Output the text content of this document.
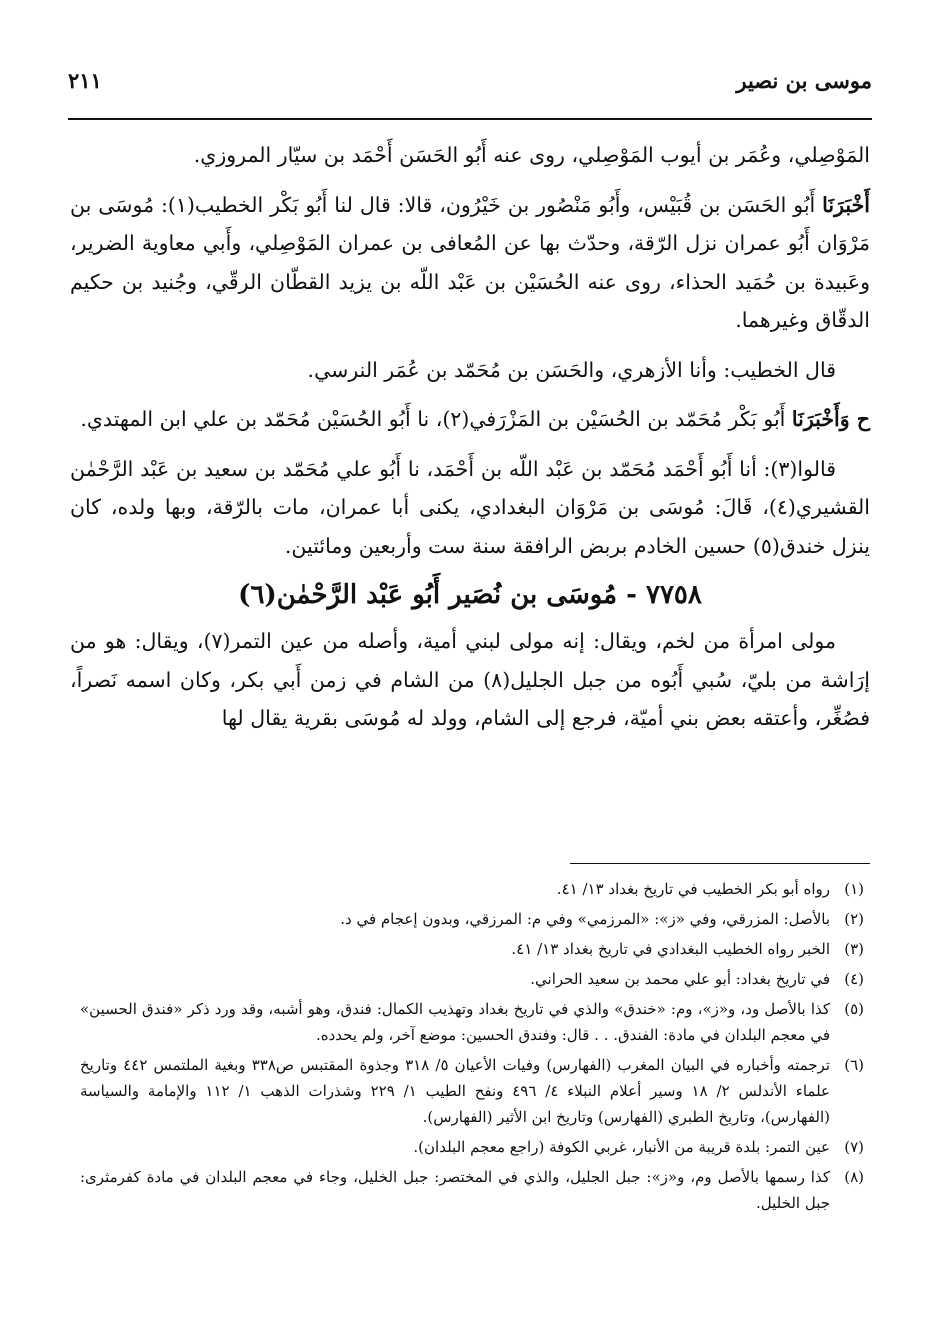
موسى بن نصير
٢١١

المَوْصِلي، وعُمَر بن أيوب المَوْصِلي، روى عنه أَبُو الحَسَن أَحْمَد بن سيّار المروزي.

أَخْبَرَنَا أَبُو الحَسَن بن قُبَيْس، وأَبُو مَنْصُور بن خَيْرُون، قالا: قال لنا أَبُو بَكْر الخطيب(١): مُوسَى بن مَرْوَان أَبُو عمران نزل الرّقة، وحدّث بها عن المُعافى بن عمران المَوْصِلي، وأَبي معاوية الضرير، وعَبيدة بن حُمَيد الحذاء، روى عنه الحُسَيْن بن عَبْد اللّه بن يزيد القطّان الرقّي، وجُنيد بن حكيم الدقّاق وغيرهما.

قال الخطيب: وأنا الأزهري، والحَسَن بن مُحَمّد بن عُمَر النرسي.

ح وَأَخْبَرَنَا أَبُو بَكْر مُحَمّد بن الحُسَيْن بن المَزْرَفي(٢)، نا أَبُو الحُسَيْن مُحَمّد بن علي ابن المهتدي.

قالوا(٣): أنا أَبُو أَحْمَد مُحَمّد بن عَبْد اللّه بن أَحْمَد، نا أَبُو علي مُحَمّد بن سعيد بن عَبْد الرَّحْمٰن القشيري(٤)، قَالَ: مُوسَى بن مَرْوَان البغدادي، يكنى أبا عمران، مات بالرّقة، وبها ولده، كان ينزل خندق(٥) حسين الخادم بربض الرافقة سنة ست وأربعين ومائتين.

٧٧٥٨ - مُوسَى بن نُصَير أَبُو عَبْد الرَّحْمٰن(٦)

مولى امرأة من لخم، ويقال: إنه مولى لبني أمية، وأصله من عين التمر(٧)، ويقال: هو من إرَاشة من بليّ، سُبي أَبُوه من جبل الجليل(٨) من الشام في زمن أَبي بكر، وكان اسمه نَصراً، فصُغِّر، وأعتقه بعض بني أميّة، فرجع إلى الشام، وولد له مُوسَى بقرية يقال لها

(١)
رواه أبو بكر الخطيب في تاريخ بغداد ١٣/ ٤١.
(٢)
بالأصل: المزرقي، وفي «ز»: «المرزمي» وفي م: المرزقي، وبدون إعجام في د.
(٣)
الخبر رواه الخطيب البغدادي في تاريخ بغداد ١٣/ ٤١.
(٤)
في تاريخ بغداد: أبو علي محمد بن سعيد الحراني.
(٥)
كذا بالأصل ود، و«ز»، وم: «خندق» والذي في تاريخ بغداد وتهذيب الكمال: فندق، وهو أشبه، وقد ورد ذكر «فندق الحسين» في معجم البلدان في مادة: الفندق. . . قال: وفندق الحسين: موضع آخر، ولم يحدده.
(٦)
ترجمته وأخباره في البيان المغرب (الفهارس) وفيات الأعيان ٥/ ٣١٨ وجذوة المقتبس ص٣٣٨ وبغية الملتمس ٤٤٢ وتاريخ علماء الأندلس ٢/ ١٨ وسير أعلام النبلاء ٤/ ٤٩٦ ونفح الطيب ١/ ٢٢٩ وشذرات الذهب ١/ ١١٢ والإمامة والسياسة (الفهارس)، وتاريخ الطبري (الفهارس) وتاريخ ابن الأثير (الفهارس).
(٧)
عين التمر: بلدة قريبة من الأنبار، غربي الكوفة (راجع معجم البلدان).
(٨)
كذا رسمها بالأصل وم، و«ز»: جبل الجليل، والذي في المختصر: جبل الخليل، وجاء في معجم البلدان في مادة كفرمثرى: جبل الخليل.
